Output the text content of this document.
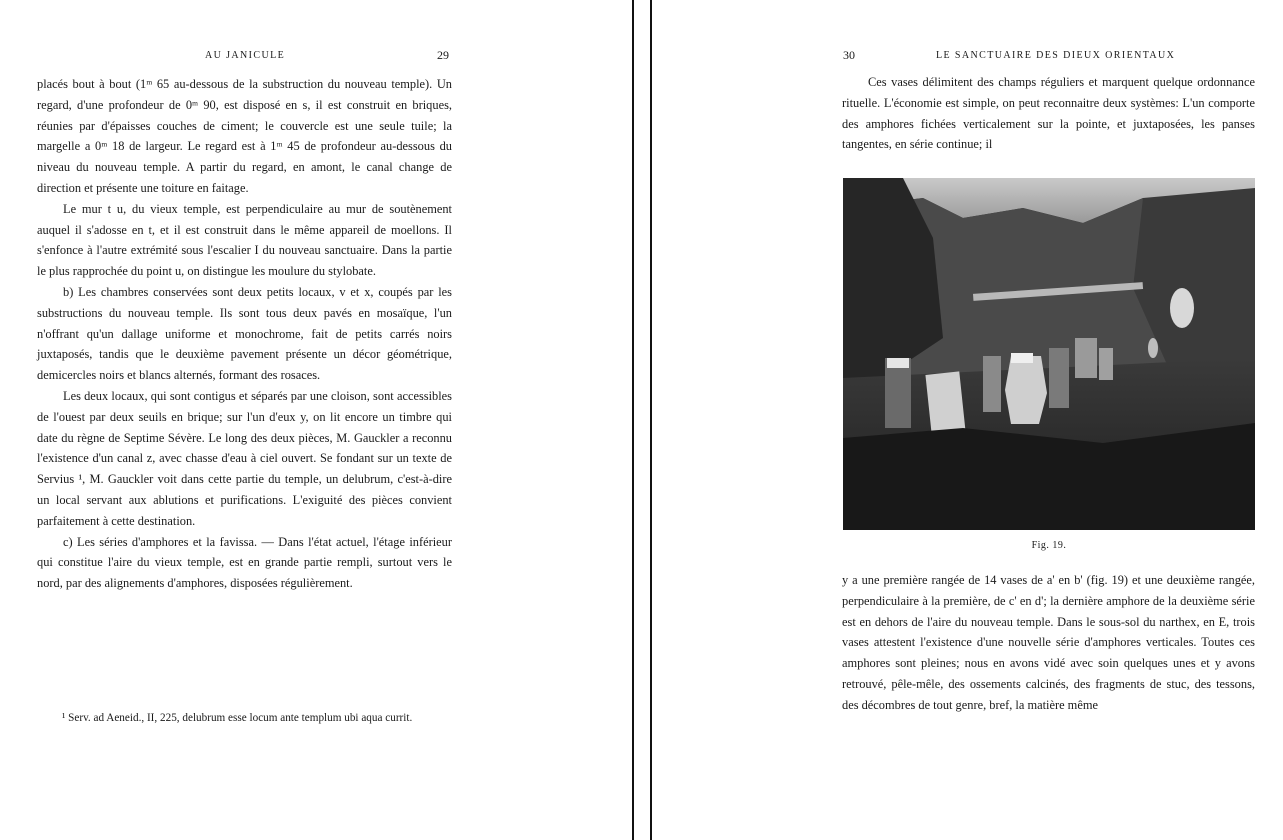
AU JANICULE	29

placés bout à bout (1ᵐ 65 au-dessous de la substruction du nouveau temple). Un regard, d'une profondeur de 0ᵐ 90, est disposé en s, il est construit en briques, réunies par d'épaisses couches de ciment; le couvercle est une seule tuile; la margelle a 0ᵐ 18 de largeur. Le regard est à 1ᵐ 45 de profondeur au-dessous du niveau du nouveau temple. A partir du regard, en amont, le canal change de direction et présente une toiture en faitage.

Le mur t u, du vieux temple, est perpendiculaire au mur de soutènement auquel il s'adosse en t, et il est construit dans le même appareil de moellons. Il s'enfonce à l'autre extrémité sous l'escalier I du nouveau sanctuaire. Dans la partie le plus rapprochée du point u, on distingue les moulure du stylobate.

b) Les chambres conservées sont deux petits locaux, v et x, coupés par les substructions du nouveau temple. Ils sont tous deux pavés en mosaïque, l'un n'offrant qu'un dallage uniforme et monochrome, fait de petits carrés noirs juxtaposés, tandis que le deuxième pavement présente un décor géométrique, demicercles noirs et blancs alternés, formant des rosaces.

Les deux locaux, qui sont contigus et séparés par une cloison, sont accessibles de l'ouest par deux seuils en brique; sur l'un d'eux y, on lit encore un timbre qui date du règne de Septime Sévère. Le long des deux pièces, M. Gauckler a reconnu l'existence d'un canal z, avec chasse d'eau à ciel ouvert. Se fondant sur un texte de Servius ¹, M. Gauckler voit dans cette partie du temple, un delubrum, c'est-à-dire un local servant aux ablutions et purifications. L'exiguité des pièces convient parfaitement à cette destination.

c) Les séries d'amphores et la favissa. — Dans l'état actuel, l'étage inférieur qui constitue l'aire du vieux temple, est en grande partie rempli, surtout vers le nord, par des alignements d'amphores, disposées régulièrement.

¹ Serv. ad Aeneid., II, 225, delubrum esse locum ante templum ubi aqua currit.
30	LE SANCTUAIRE DES DIEUX ORIENTAUX
Ces vases délimitent des champs réguliers et marquent quelque ordonnance rituelle. L'économie est simple, on peut reconnaitre deux systèmes: L'un comporte des amphores fichées verticalement sur la pointe, et juxtaposées, les panses tangentes, en série continue; il
y a une première rangée de 14 vases de a' en b' (fig. 19) et une deuxième rangée, perpendiculaire à la première, de c' en d'; la dernière amphore de la deuxième série est en dehors de l'aire du nouveau temple. Dans le sous-sol du narthex, en E, trois vases attestent l'existence d'une nouvelle série d'amphores verticales. Toutes ces amphores sont pleines; nous en avons vidé avec soin quelques unes et y avons retrouvé, pêle-mêle, des ossements calcinés, des fragments de stuc, des tessons, des décombres de tout genre, bref, la matière même
Fig. 19.
